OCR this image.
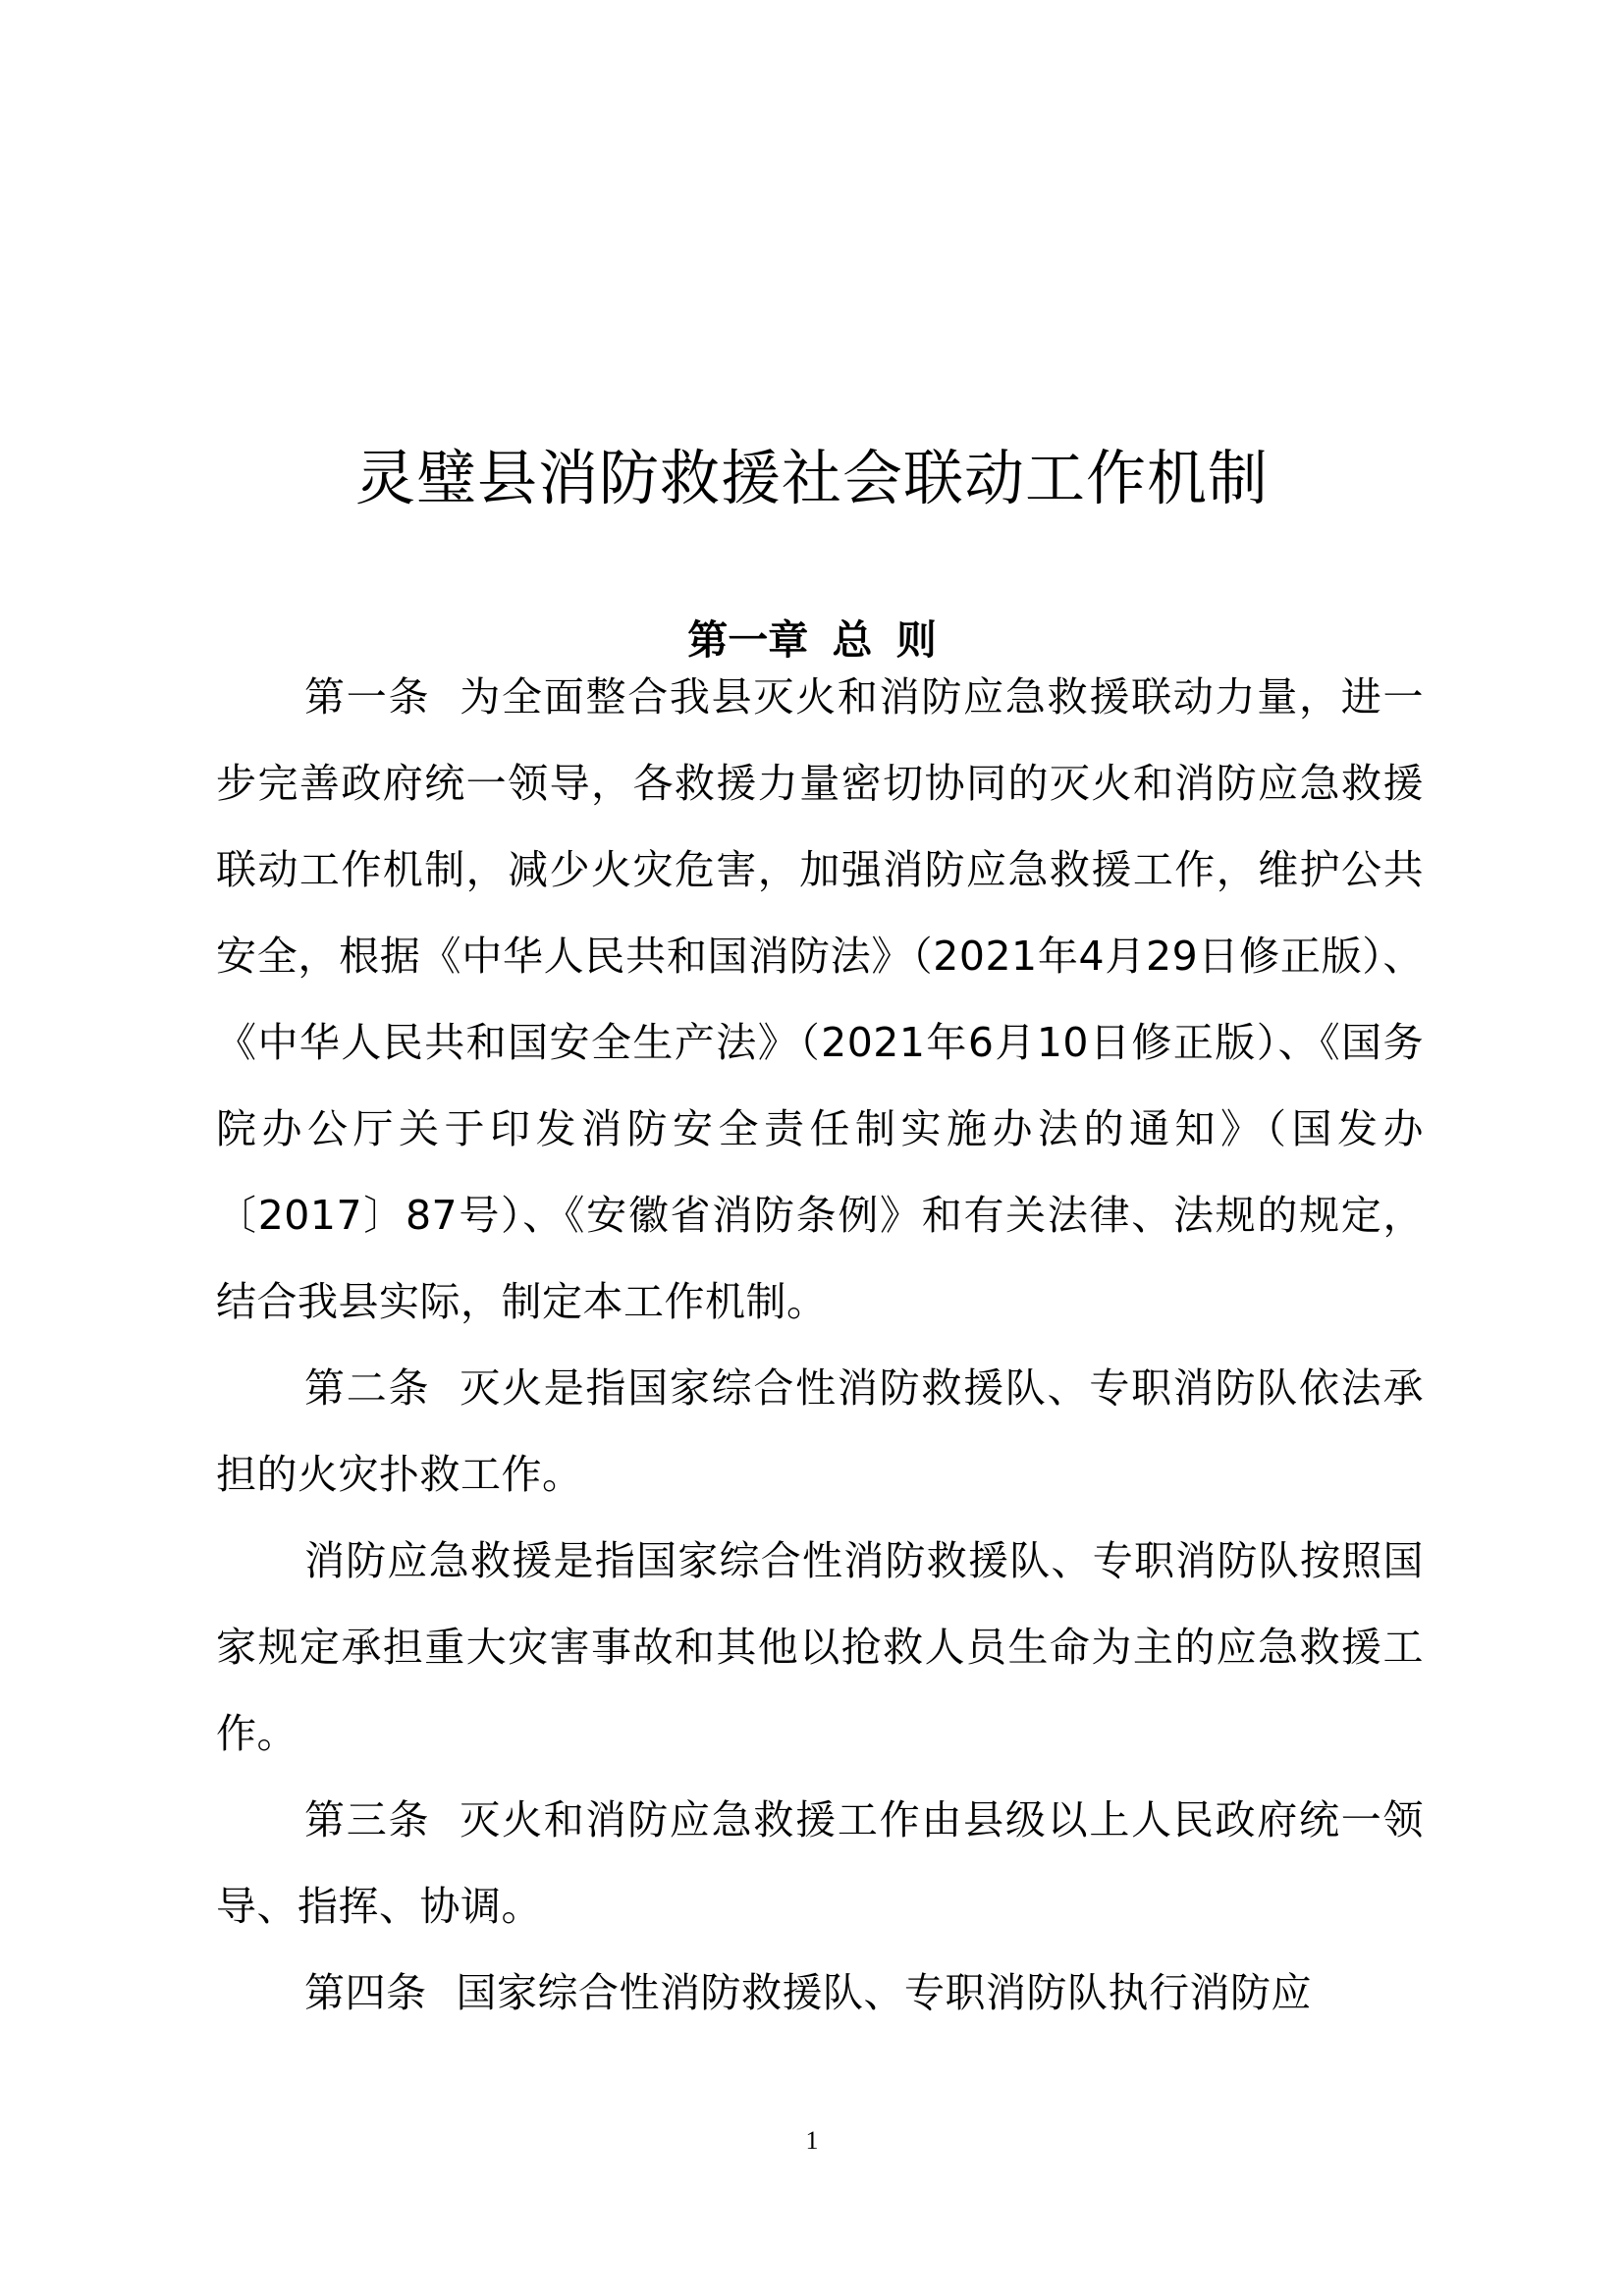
灵璧县消防救援社会联动工作机制
第一章 总 则

第一条 为全面整合我县灭火和消防应急救援联动力量，进一步完善政府统一领导，各救援力量密切协同的灭火和消防应急救援联动工作机制，减少火灾危害，加强消防应急救援工作，维护公共安全，根据《中华人民共和国消防法》（2021年4月29日修正版）、《中华人民共和国安全生产法》（2021年6月10日修正版）、《国务院办公厅关于印发消防安全责任制实施办法的通知》（国发办〔2017〕87号）、《安徽省消防条例》和有关法律、法规的规定，结合我县实际，制定本工作机制。

第二条 灭火是指国家综合性消防救援队、专职消防队依法承担的火灾扑救工作。

消防应急救援是指国家综合性消防救援队、专职消防队按照国家规定承担重大灾害事故和其他以抢救人员生命为主的应急救援工作。

第三条 灭火和消防应急救援工作由县级以上人民政府统一领导、指挥、协调。

第四条 国家综合性消防救援队、专职消防队执行消防应

1
